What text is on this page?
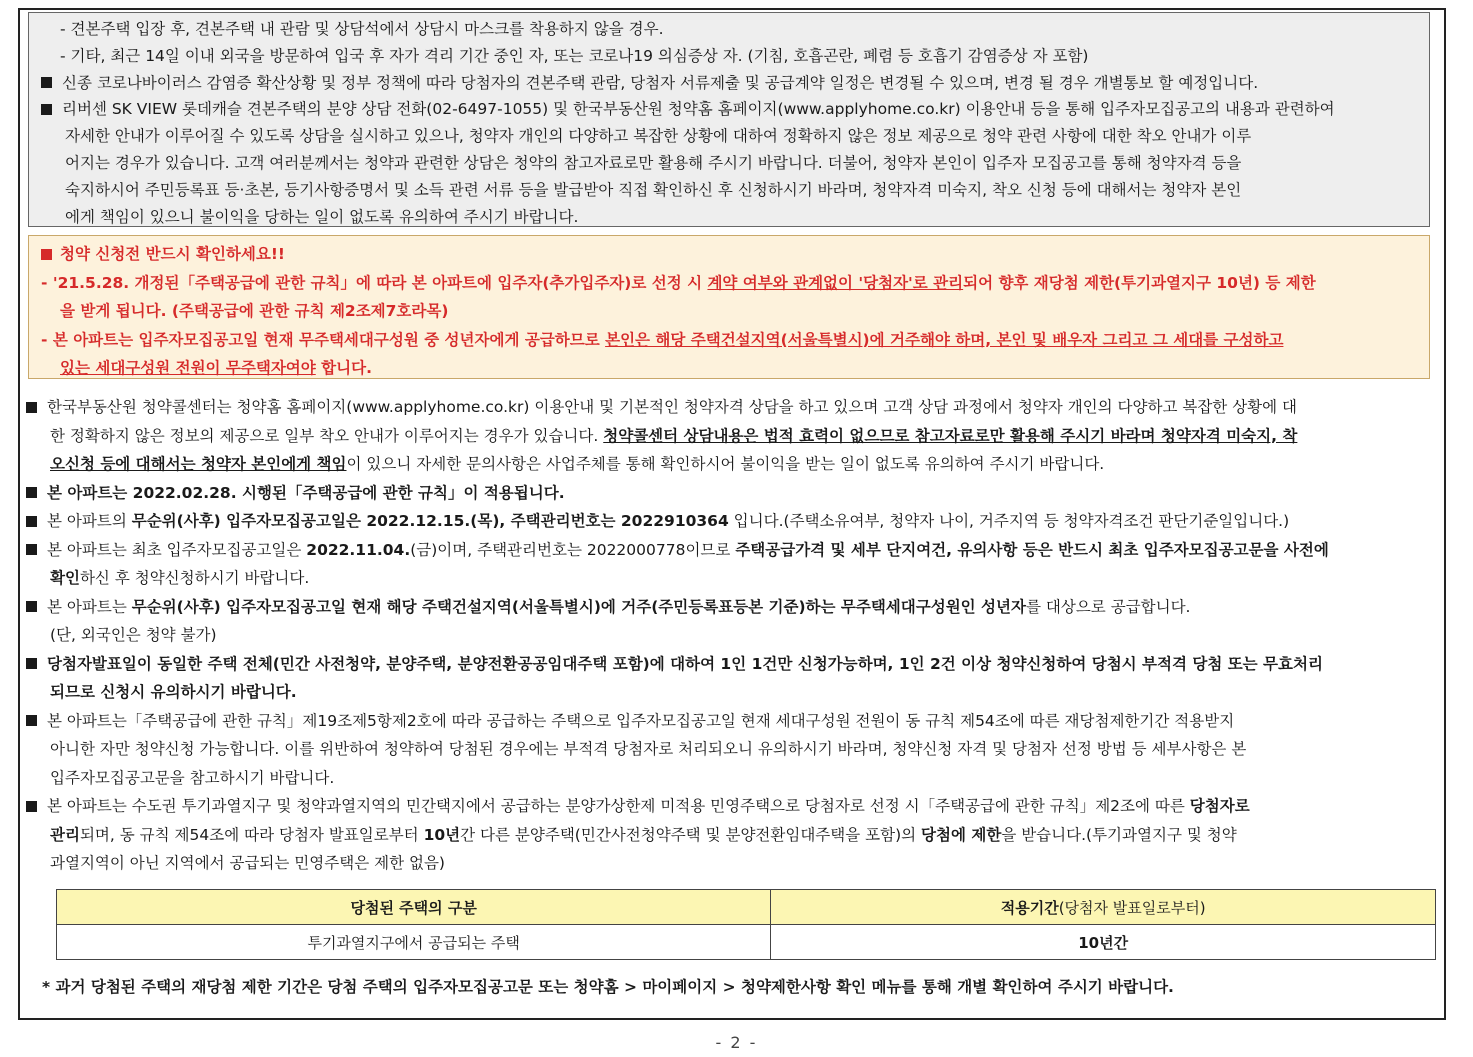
- 견본주택 입장 후, 견본주택 내 관람 및 상담석에서 상담시 마스크를 착용하지 않을 경우.
- 기타, 최근 14일 이내 외국을 방문하여 입국 후 자가 격리 기간 중인 자, 또는 코로나19 의심증상 자. (기침, 호흡곤란, 폐렴 등 호흡기 감염증상 자 포함)
신종 코로나바이러스 감염증 확산상황 및 정부 정책에 따라 당첨자의 견본주택 관람, 당첨자 서류제출 및 공급계약 일정은 변경될 수 있으며, 변경 될 경우 개별통보 할 예정입니다.
리버센 SK VIEW 롯데캐슬 견본주택의 분양 상담 전화(02-6497-1055) 및 한국부동산원 청약홈 홈페이지(www.applyhome.co.kr) 이용안내 등을 통해 입주자모집공고의 내용과 관련하여
자세한 안내가 이루어질 수 있도록 상담을 실시하고 있으나, 청약자 개인의 다양하고 복잡한 상황에 대하여 정확하지 않은 정보 제공으로 청약 관련 사항에 대한 착오 안내가 이루
어지는 경우가 있습니다. 고객 여러분께서는 청약과 관련한 상담은 청약의 참고자료로만 활용해 주시기 바랍니다. 더불어, 청약자 본인이 입주자 모집공고를 통해 청약자격 등을
숙지하시어 주민등록표 등·초본, 등기사항증명서 및 소득 관련 서류 등을 발급받아 직접 확인하신 후 신청하시기 바라며, 청약자격 미숙지, 착오 신청 등에 대해서는 청약자 본인
에게 책임이 있으니 불이익을 당하는 일이 없도록 유의하여 주시기 바랍니다.
청약 신청전 반드시 확인하세요!!
- '21.5.28. 개정된「주택공급에 관한 규칙」에 따라 본 아파트에 입주자(추가입주자)로 선정 시 계약 여부와 관계없이 '당첨자'로 관리되어 향후 재당첨 제한(투기과열지구 10년) 등 제한
을 받게 됩니다. (주택공급에 관한 규칙 제2조제7호라목)
- 본 아파트는 입주자모집공고일 현재 무주택세대구성원 중 성년자에게 공급하므로 본인은 해당 주택건설지역(서울특별시)에 거주해야 하며, 본인 및 배우자 그리고 그 세대를 구성하고
있는 세대구성원 전원이 무주택자여야 합니다.
한국부동산원 청약콜센터는 청약홈 홈페이지(www.applyhome.co.kr) 이용안내 및 기본적인 청약자격 상담을 하고 있으며 고객 상담 과정에서 청약자 개인의 다양하고 복잡한 상황에 대
한 정확하지 않은 정보의 제공으로 일부 착오 안내가 이루어지는 경우가 있습니다. 청약콜센터 상담내용은 법적 효력이 없으므로 참고자료로만 활용해 주시기 바라며 청약자격 미숙지, 착
오신청 등에 대해서는 청약자 본인에게 책임이 있으니 자세한 문의사항은 사업주체를 통해 확인하시어 불이익을 받는 일이 없도록 유의하여 주시기 바랍니다.
본 아파트는 2022.02.28. 시행된「주택공급에 관한 규칙」이 적용됩니다.
본 아파트의 무순위(사후) 입주자모집공고일은 2022.12.15.(목), 주택관리번호는 2022910364 입니다.(주택소유여부, 청약자 나이, 거주지역 등 청약자격조건 판단기준일입니다.)
본 아파트는 최초 입주자모집공고일은 2022.11.04.(금)이며, 주택관리번호는 2022000778이므로 주택공급가격 및 세부 단지여건, 유의사항 등은 반드시 최초 입주자모집공고문을 사전에
확인하신 후 청약신청하시기 바랍니다.
본 아파트는 무순위(사후) 입주자모집공고일 현재 해당 주택건설지역(서울특별시)에 거주(주민등록표등본 기준)하는 무주택세대구성원인 성년자를 대상으로 공급합니다.
(단, 외국인은 청약 불가)
당첨자발표일이 동일한 주택 전체(민간 사전청약, 분양주택, 분양전환공공임대주택 포함)에 대하여 1인 1건만 신청가능하며, 1인 2건 이상 청약신청하여 당첨시 부적격 당첨 또는 무효처리
되므로 신청시 유의하시기 바랍니다.
본 아파트는「주택공급에 관한 규칙」제19조제5항제2호에 따라 공급하는 주택으로 입주자모집공고일 현재 세대구성원 전원이 동 규칙 제54조에 따른 재당첨제한기간 적용받지
아니한 자만 청약신청 가능합니다. 이를 위반하여 청약하여 당첨된 경우에는 부적격 당첨자로 처리되오니 유의하시기 바라며, 청약신청 자격 및 당첨자 선정 방법 등 세부사항은 본
입주자모집공고문을 참고하시기 바랍니다.
본 아파트는 수도권 투기과열지구 및 청약과열지역의 민간택지에서 공급하는 분양가상한제 미적용 민영주택으로 당첨자로 선정 시「주택공급에 관한 규칙」제2조에 따른 당첨자로
관리되며, 동 규칙 제54조에 따라 당첨자 발표일로부터 10년간 다른 분양주택(민간사전청약주택 및 분양전환임대주택을 포함)의 당첨에 제한을 받습니다.(투기과열지구 및 청약
과열지역이 아닌 지역에서 공급되는 민영주택은 제한 없음)
당첨된 주택의 구분	적용기간(당첨자 발표일로부터)
투기과열지구에서 공급되는 주택	10년간
* 과거 당첨된 주택의 재당첨 제한 기간은 당첨 주택의 입주자모집공고문 또는 청약홈 > 마이페이지 > 청약제한사항 확인 메뉴를 통해 개별 확인하여 주시기 바랍니다.
- 2 -
